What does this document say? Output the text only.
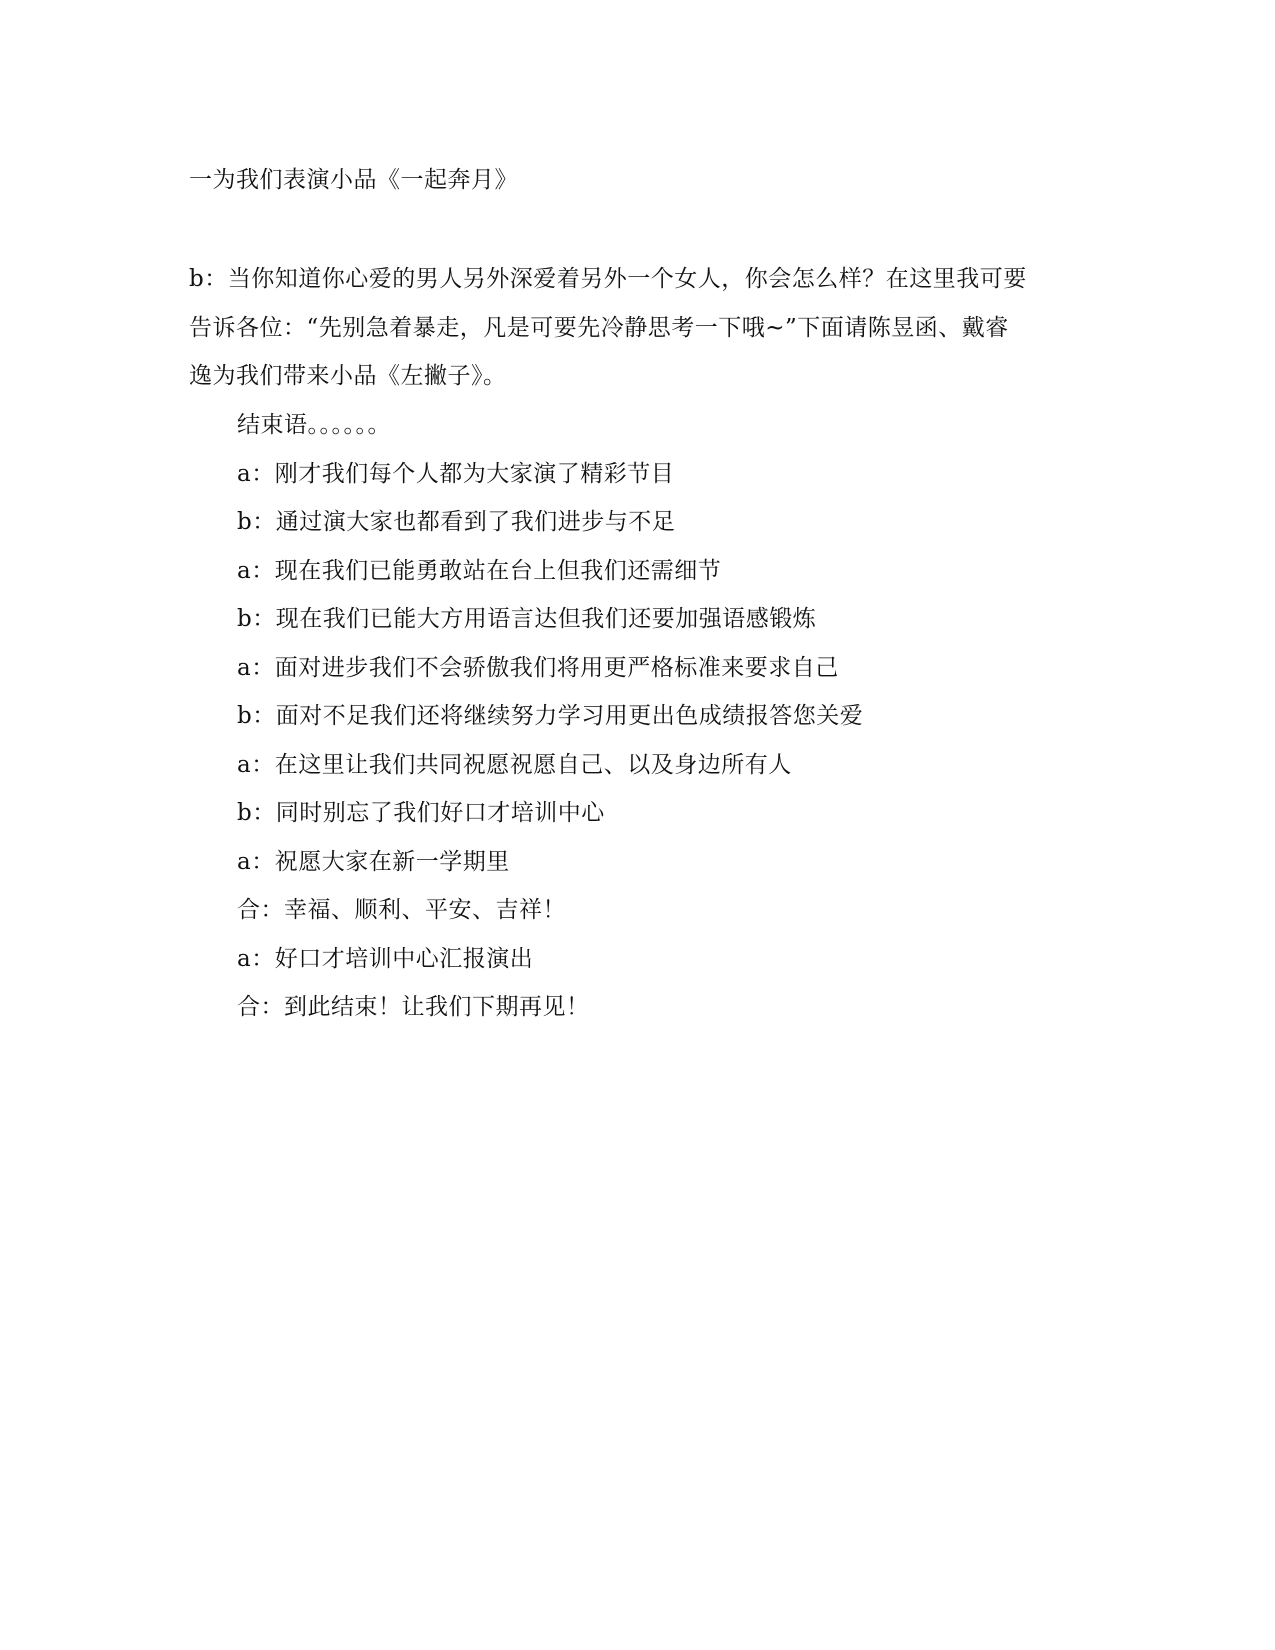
一为我们表演小品《一起奔月》
b：当你知道你心爱的男人另外深爱着另外一个女人，你会怎么样？在这里我可要
告诉各位：“先别急着暴走，凡是可要先冷静思考一下哦~”下面请陈昱函、戴睿
逸为我们带来小品《左撇子》。
结束语。。。。。。
a：刚才我们每个人都为大家演了精彩节目
b：通过演大家也都看到了我们进步与不足
a：现在我们已能勇敢站在台上但我们还需细节
b：现在我们已能大方用语言达但我们还要加强语感锻炼
a：面对进步我们不会骄傲我们将用更严格标准来要求自己
b：面对不足我们还将继续努力学习用更出色成绩报答您关爱
a：在这里让我们共同祝愿祝愿自己、以及身边所有人
b：同时别忘了我们好口才培训中心
a：祝愿大家在新一学期里
合：幸福、顺利、平安、吉祥！
a：好口才培训中心汇报演出
合：到此结束！让我们下期再见！
